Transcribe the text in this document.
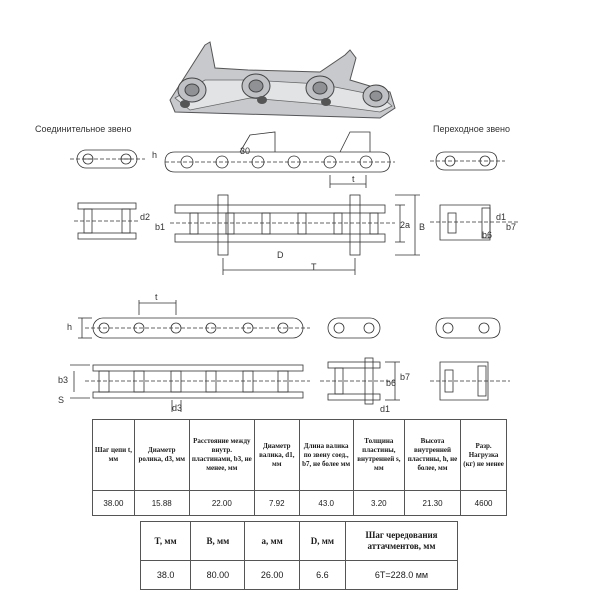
Соединительное звено	Переходное звено
h	30
t
d2
b1	2a B
D
T
d1
b6
b7
t
h
b3
S
d3
b6
b7
d1
Шаг цепи t, мм	Диаметр ролика, d3, мм	Расстояние между внутр. пластинами, b3, не менее, мм	Диаметр валика, d1, мм	Длина валика по звену соед., b7, не более мм	Толщина пластины, внутренней s, мм	Высота внутренней пластины, h, не более, мм	Разр. Нагрузка (кг) не менее
38.00	15.88	22.00	7.92	43.0	3.20	21.30	4600
T, мм	B, мм	a, мм	D, мм	Шаг чередования аттачментов, мм
38.0	80.00	26.00	6.6	6T=228.0 мм
